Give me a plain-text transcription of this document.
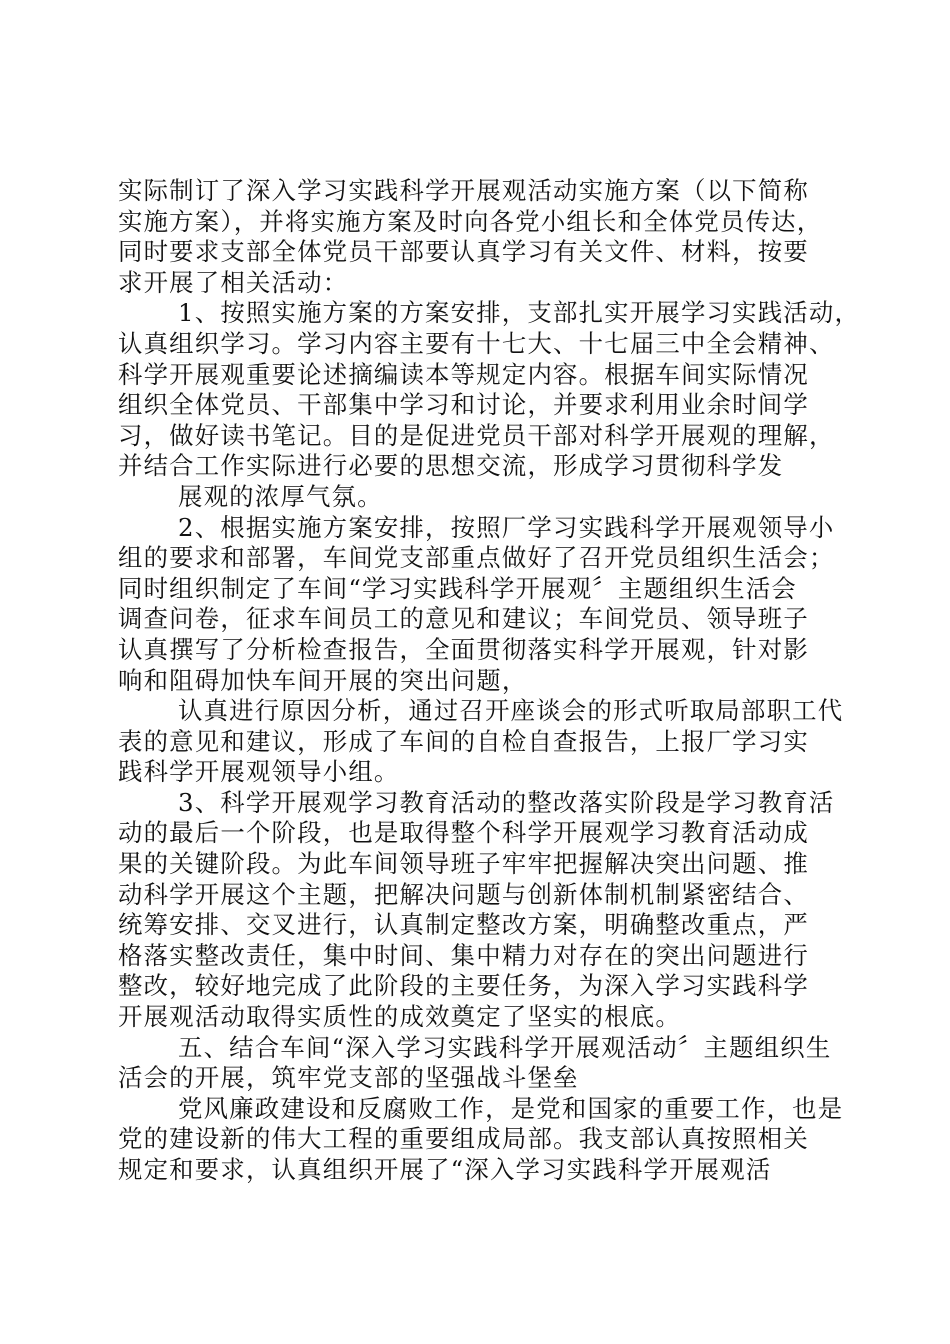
实际制订了深入学习实践科学开展观活动实施方案（以下简称
实施方案），并将实施方案及时向各党小组长和全体党员传达，
同时要求支部全体党员干部要认真学习有关文件、材料，按要
求开展了相关活动：
1、按照实施方案的方案安排，支部扎实开展学习实践活动，
认真组织学习。学习内容主要有十七大、十七届三中全会精神、
科学开展观重要论述摘编读本等规定内容。根据车间实际情况
组织全体党员、干部集中学习和讨论，并要求利用业余时间学
习，做好读书笔记。目的是促进党员干部对科学开展观的理解，
并结合工作实际进行必要的思想交流，形成学习贯彻科学发
展观的浓厚气氛。
2、根据实施方案安排，按照厂学习实践科学开展观领导小
组的要求和部署，车间党支部重点做好了召开党员组织生活会；
同时组织制定了车间“学习实践科学开展观〞主题组织生活会
调查问卷，征求车间员工的意见和建议；车间党员、领导班子
认真撰写了分析检查报告，全面贯彻落实科学开展观，针对影
响和阻碍加快车间开展的突出问题，
认真进行原因分析，通过召开座谈会的形式听取局部职工代
表的意见和建议，形成了车间的自检自查报告，上报厂学习实
践科学开展观领导小组。
3、科学开展观学习教育活动的整改落实阶段是学习教育活
动的最后一个阶段，也是取得整个科学开展观学习教育活动成
果的关键阶段。为此车间领导班子牢牢把握解决突出问题、推
动科学开展这个主题，把解决问题与创新体制机制紧密结合、
统筹安排、交叉进行，认真制定整改方案，明确整改重点，严
格落实整改责任，集中时间、集中精力对存在的突出问题进行
整改，较好地完成了此阶段的主要任务，为深入学习实践科学
开展观活动取得实质性的成效奠定了坚实的根底。
五、结合车间“深入学习实践科学开展观活动〞主题组织生
活会的开展，筑牢党支部的坚强战斗堡垒
党风廉政建设和反腐败工作，是党和国家的重要工作，也是
党的建设新的伟大工程的重要组成局部。我支部认真按照相关
规定和要求，认真组织开展了“深入学习实践科学开展观活
